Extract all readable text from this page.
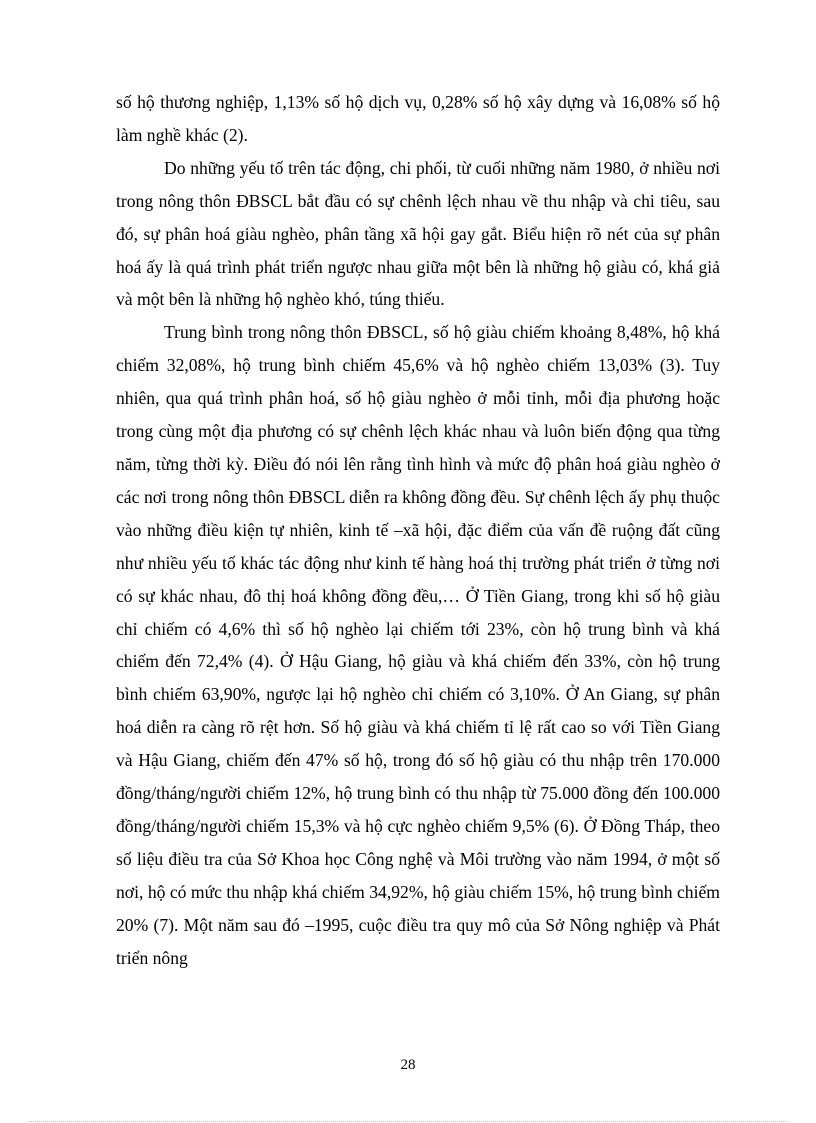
số hộ thương nghiệp, 1,13% số hộ dịch vụ, 0,28% số hộ xây dựng và 16,08% số hộ làm nghề khác (2).

Do những yếu tố trên tác động, chi phối, từ cuối những năm 1980, ở nhiều nơi trong nông thôn ĐBSCL bắt đầu có sự chênh lệch nhau về thu nhập và chi tiêu, sau đó, sự phân hoá giàu nghèo, phân tầng xã hội gay gắt. Biểu hiện rõ nét của sự phân hoá ấy là quá trình phát triển ngược nhau giữa một bên là những hộ giàu có, khá giả và một bên là những hộ nghèo khó, túng thiếu.

Trung bình trong nông thôn ĐBSCL, số hộ giàu chiếm khoảng 8,48%, hộ khá chiếm 32,08%, hộ trung bình chiếm 45,6% và hộ nghèo chiếm 13,03% (3). Tuy nhiên, qua quá trình phân hoá, số hộ giàu nghèo ở mỗi tỉnh, mỗi địa phương hoặc trong cùng một địa phương có sự chênh lệch khác nhau và luôn biến động qua từng năm, từng thời kỳ. Điều đó nói lên rằng tình hình và mức độ phân hoá giàu nghèo ở các nơi trong nông thôn ĐBSCL diễn ra không đồng đều. Sự chênh lệch ấy phụ thuộc vào những điều kiện tự nhiên, kinh tế –xã hội, đặc điểm của vấn đề ruộng đất cũng như nhiều yếu tố khác tác động như kinh tế hàng hoá thị trường phát triển ở từng nơi có sự khác nhau, đô thị hoá không đồng đều,… Ở Tiền Giang, trong khi số hộ giàu chỉ chiếm có 4,6% thì số hộ nghèo lại chiếm tới 23%, còn hộ trung bình và khá chiếm đến 72,4% (4). Ở Hậu Giang, hộ giàu và khá chiếm đến 33%, còn hộ trung bình chiếm 63,90%, ngược lại hộ nghèo chỉ chiếm có 3,10%. Ở An Giang, sự phân hoá diễn ra càng rõ rệt hơn. Số hộ giàu và khá chiếm tỉ lệ rất cao so với Tiền Giang và Hậu Giang, chiếm đến 47% số hộ, trong đó số hộ giàu có thu nhập trên 170.000 đồng/tháng/người chiếm 12%, hộ trung bình có thu nhập từ 75.000 đồng đến 100.000 đồng/tháng/người chiếm 15,3% và hộ cực nghèo chiếm 9,5% (6). Ở Đồng Tháp, theo số liệu điều tra của Sở Khoa học Công nghệ và Môi trường vào năm 1994, ở một số nơi, hộ có mức thu nhập khá chiếm 34,92%, hộ giàu chiếm 15%, hộ trung bình chiếm 20% (7). Một năm sau đó –1995, cuộc điều tra quy mô của Sở Nông nghiệp và Phát triển nông

28
